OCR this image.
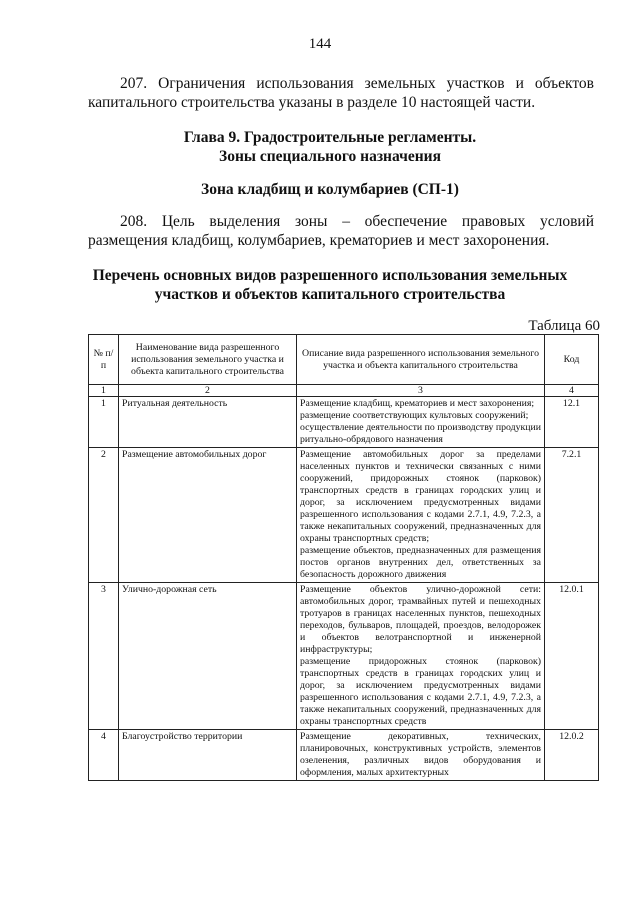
144
207. Ограничения использования земельных участков и объектов
капитального строительства указаны в разделе 10 настоящей части.
Глава 9. Градостроительные регламенты.
Зоны специального назначения
Зона кладбищ и колумбариев (СП-1)
208. Цель выделения зоны – обеспечение правовых условий
размещения кладбищ, колумбариев, крематориев и мест захоронения.
Перечень основных видов разрешенного использования земельных
участков и объектов капитального строительства
Таблица 60
№ п/п	Наименование вида разрешенного использования земельного участка и объекта капитального строительства	Описание вида разрешенного использования земельного участка и объекта капитального строительства	Код
1	2	3	4
1	Ритуальная деятельность	Размещение кладбищ, крематориев и мест захоронения;
размещение соответствующих культовых сооружений;
осуществление деятельности по производству продукции ритуально-обрядового назначения	12.1
2	Размещение автомобильных дорог	Размещение автомобильных дорог за пределами населенных пунктов и технически связанных с ними сооружений, придорожных стоянок (парковок) транспортных средств в границах городских улиц и дорог, за исключением предусмотренных видами разрешенного использования с кодами 2.7.1, 4.9, 7.2.3, а также некапитальных сооружений, предназначенных для охраны транспортных средств;
размещение объектов, предназначенных для размещения постов органов внутренних дел, ответственных за безопасность дорожного движения	7.2.1
3	Улично-дорожная сеть	Размещение объектов улично-дорожной сети: автомобильных дорог, трамвайных путей и пешеходных тротуаров в границах населенных пунктов, пешеходных переходов, бульваров, площадей, проездов, велодорожек и объектов велотранспортной и инженерной инфраструктуры;
размещение придорожных стоянок (парковок) транспортных средств в границах городских улиц и дорог, за исключением предусмотренных видами разрешенного использования с кодами 2.7.1, 4.9, 7.2.3, а также некапитальных сооружений, предназначенных для охраны транспортных средств	12.0.1
4	Благоустройство территории	Размещение декоративных, технических, планировочных, конструктивных устройств, элементов озеленения, различных видов оборудования и оформления, малых архитектурных	12.0.2
